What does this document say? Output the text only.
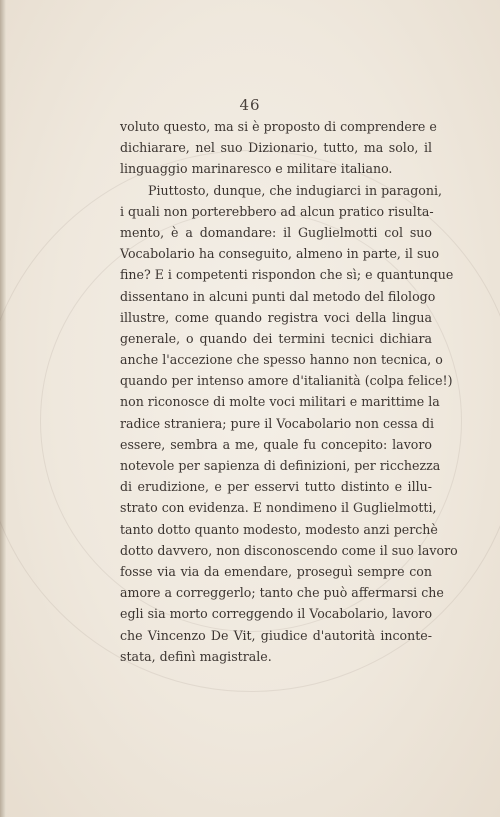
46
voluto questo, ma si è proposto di comprendere e
dichiarare, nel suo Dizionario, tutto, ma solo, il
linguaggio marinaresco e militare italiano.
Piuttosto, dunque, che indugiarci in paragoni,
i quali non porterebbero ad alcun pratico risulta-
mento, è a domandare: il Guglielmotti col suo
Vocabolario ha conseguito, almeno in parte, il suo
fine? E i competenti rispondon che sì; e quantunque
dissentano in alcuni punti dal metodo del filologo
illustre, come quando registra voci della lingua
generale, o quando dei termini tecnici dichiara
anche l'accezione che spesso hanno non tecnica, o
quando per intenso amore d'italianità (colpa felice!)
non riconosce di molte voci militari e marittime la
radice straniera; pure il Vocabolario non cessa di
essere, sembra a me, quale fu concepito: lavoro
notevole per sapienza di definizioni, per ricchezza
di erudizione, e per esservi tutto distinto e illu-
strato con evidenza. E nondimeno il Guglielmotti,
tanto dotto quanto modesto, modesto anzi perchè
dotto davvero, non disconoscendo come il suo lavoro
fosse via via da emendare, proseguì sempre con
amore a correggerlo; tanto che può affermarsi che
egli sia morto correggendo il Vocabolario, lavoro
che Vincenzo De Vit, giudice d'autorità inconte-
stata, definì magistrale.
